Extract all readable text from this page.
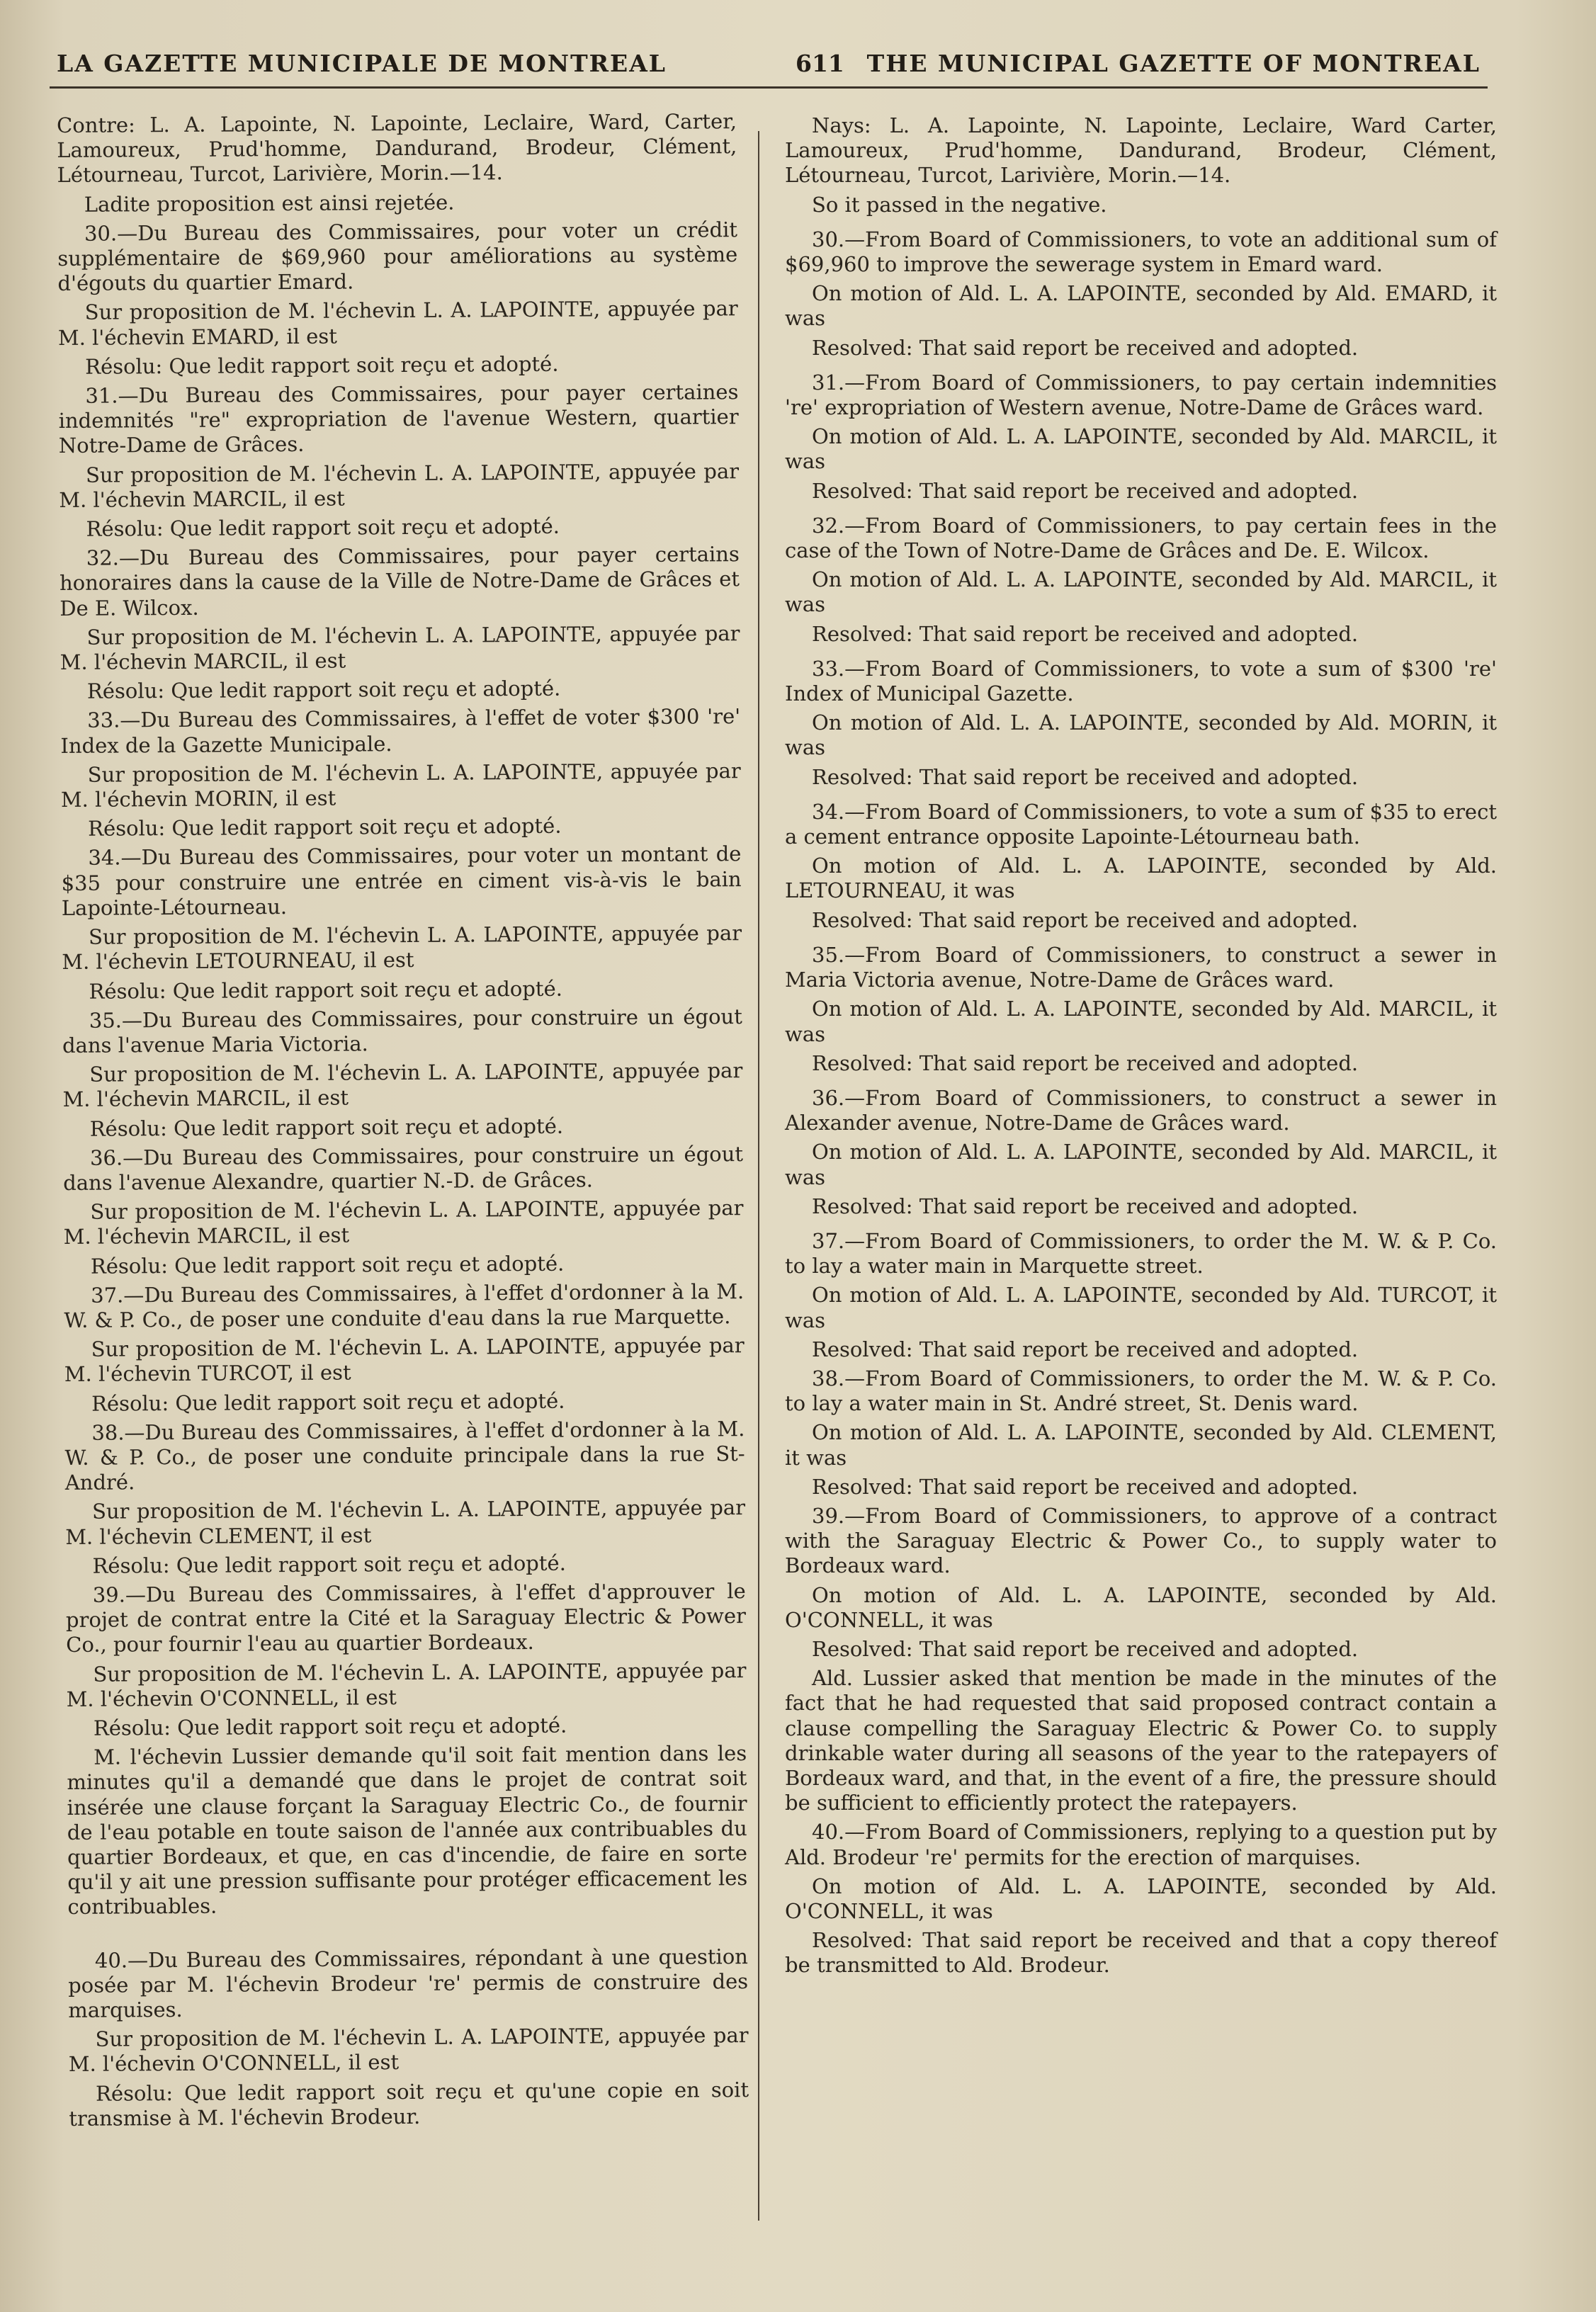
LA GAZETTE MUNICIPALE DE MONTREAL	611 THE MUNICIPAL GAZETTE OF MONTREAL

Contre: L. A. Lapointe, N. Lapointe, Leclaire, Ward, Carter, Lamoureux, Prud'homme, Dandurand, Brodeur, Clément, Létourneau, Turcot, Larivière, Morin.—14.

Ladite proposition est ainsi rejetée.

30.—Du Bureau des Commissaires, pour voter un crédit supplémentaire de $69,960 pour améliorations au système d'égouts du quartier Emard.

Sur proposition de M. l'échevin L. A. LAPOINTE, appuyée par M. l'échevin EMARD, il est

Résolu: Que ledit rapport soit reçu et adopté.

31.—Du Bureau des Commissaires, pour payer certaines indemnités "re" expropriation de l'avenue Western, quartier Notre-Dame de Grâces.

Sur proposition de M. l'échevin L. A. LAPOINTE, appuyée par M. l'échevin MARCIL, il est

Résolu: Que ledit rapport soit reçu et adopté.

32.—Du Bureau des Commissaires, pour payer certains honoraires dans la cause de la Ville de Notre-Dame de Grâces et De E. Wilcox.

Sur proposition de M. l'échevin L. A. LAPOINTE, appuyée par M. l'échevin MARCIL, il est

Résolu: Que ledit rapport soit reçu et adopté.

33.—Du Bureau des Commissaires, à l'effet de voter $300 're' Index de la Gazette Municipale.

Sur proposition de M. l'échevin L. A. LAPOINTE, appuyée par M. l'échevin MORIN, il est

Résolu: Que ledit rapport soit reçu et adopté.

34.—Du Bureau des Commissaires, pour voter un montant de $35 pour construire une entrée en ciment vis-à-vis le bain Lapointe-Létourneau.

Sur proposition de M. l'échevin L. A. LAPOINTE, appuyée par M. l'échevin LETOURNEAU, il est

Résolu: Que ledit rapport soit reçu et adopté.

35.—Du Bureau des Commissaires, pour construire un égout dans l'avenue Maria Victoria.

Sur proposition de M. l'échevin L. A. LAPOINTE, appuyée par M. l'échevin MARCIL, il est

Résolu: Que ledit rapport soit reçu et adopté.

36.—Du Bureau des Commissaires, pour construire un égout dans l'avenue Alexandre, quartier N.-D. de Grâces.

Sur proposition de M. l'échevin L. A. LAPOINTE, appuyée par M. l'échevin MARCIL, il est

Résolu: Que ledit rapport soit reçu et adopté.

37.—Du Bureau des Commissaires, à l'effet d'ordonner à la M. W. & P. Co., de poser une conduite d'eau dans la rue Marquette.

Sur proposition de M. l'échevin L. A. LAPOINTE, appuyée par M. l'échevin TURCOT, il est

Résolu: Que ledit rapport soit reçu et adopté.

38.—Du Bureau des Commissaires, à l'effet d'ordonner à la M. W. & P. Co., de poser une conduite principale dans la rue St-André.

Sur proposition de M. l'échevin L. A. LAPOINTE, appuyée par M. l'échevin CLEMENT, il est

Résolu: Que ledit rapport soit reçu et adopté.

39.—Du Bureau des Commissaires, à l'effet d'approuver le projet de contrat entre la Cité et la Saraguay Electric & Power Co., pour fournir l'eau au quartier Bordeaux.

Sur proposition de M. l'échevin L. A. LAPOINTE, appuyée par M. l'échevin O'CONNELL, il est

Résolu: Que ledit rapport soit reçu et adopté.

M. l'échevin Lussier demande qu'il soit fait mention dans les minutes qu'il a demandé que dans le projet de contrat soit insérée une clause forçant la Saraguay Electric Co., de fournir de l'eau potable en toute saison de l'année aux contribuables du quartier Bordeaux, et que, en cas d'incendie, de faire en sorte qu'il y ait une pression suffisante pour protéger efficacement les contribuables.

40.—Du Bureau des Commissaires, répondant à une question posée par M. l'échevin Brodeur 're' permis de construire des marquises.

Sur proposition de M. l'échevin L. A. LAPOINTE, appuyée par M. l'échevin O'CONNELL, il est

Résolu: Que ledit rapport soit reçu et qu'une copie en soit transmise à M. l'échevin Brodeur.

Nays: L. A. Lapointe, N. Lapointe, Leclaire, Ward Carter, Lamoureux, Prud'homme, Dandurand, Brodeur, Clément, Létourneau, Turcot, Larivière, Morin.—14.

So it passed in the negative.

30.—From Board of Commissioners, to vote an additional sum of $69,960 to improve the sewerage system in Emard ward.

On motion of Ald. L. A. LAPOINTE, seconded by Ald. EMARD, it was

Resolved: That said report be received and adopted.

31.—From Board of Commissioners, to pay certain indemnities 're' expropriation of Western avenue, Notre-Dame de Grâces ward.

On motion of Ald. L. A. LAPOINTE, seconded by Ald. MARCIL, it was

Resolved: That said report be received and adopted.

32.—From Board of Commissioners, to pay certain fees in the case of the Town of Notre-Dame de Grâces and De. E. Wilcox.

On motion of Ald. L. A. LAPOINTE, seconded by Ald. MARCIL, it was

Resolved: That said report be received and adopted.

33.—From Board of Commissioners, to vote a sum of $300 're' Index of Municipal Gazette.

On motion of Ald. L. A. LAPOINTE, seconded by Ald. MORIN, it was

Resolved: That said report be received and adopted.

34.—From Board of Commissioners, to vote a sum of $35 to erect a cement entrance opposite Lapointe-Létourneau bath.

On motion of Ald. L. A. LAPOINTE, seconded by Ald. LETOURNEAU, it was

Resolved: That said report be received and adopted.

35.—From Board of Commissioners, to construct a sewer in Maria Victoria avenue, Notre-Dame de Grâces ward.

On motion of Ald. L. A. LAPOINTE, seconded by Ald. MARCIL, it was

Resolved: That said report be received and adopted.

36.—From Board of Commissioners, to construct a sewer in Alexander avenue, Notre-Dame de Grâces ward.

On motion of Ald. L. A. LAPOINTE, seconded by Ald. MARCIL, it was

Resolved: That said report be received and adopted.

37.—From Board of Commissioners, to order the M. W. & P. Co. to lay a water main in Marquette street.

On motion of Ald. L. A. LAPOINTE, seconded by Ald. TURCOT, it was

Resolved: That said report be received and adopted.

38.—From Board of Commissioners, to order the M. W. & P. Co. to lay a water main in St. André street, St. Denis ward.

On motion of Ald. L. A. LAPOINTE, seconded by Ald. CLEMENT, it was

Resolved: That said report be received and adopted.

39.—From Board of Commissioners, to approve of a contract with the Saraguay Electric & Power Co., to supply water to Bordeaux ward.

On motion of Ald. L. A. LAPOINTE, seconded by Ald. O'CONNELL, it was

Resolved: That said report be received and adopted.

Ald. Lussier asked that mention be made in the minutes of the fact that he had requested that said proposed contract contain a clause compelling the Saraguay Electric & Power Co. to supply drinkable water during all seasons of the year to the ratepayers of Bordeaux ward, and that, in the event of a fire, the pressure should be sufficient to efficiently protect the ratepayers.

40.—From Board of Commissioners, replying to a question put by Ald. Brodeur 're' permits for the erection of marquises.

On motion of Ald. L. A. LAPOINTE, seconded by Ald. O'CONNELL, it was

Resolved: That said report be received and that a copy thereof be transmitted to Ald. Brodeur.
